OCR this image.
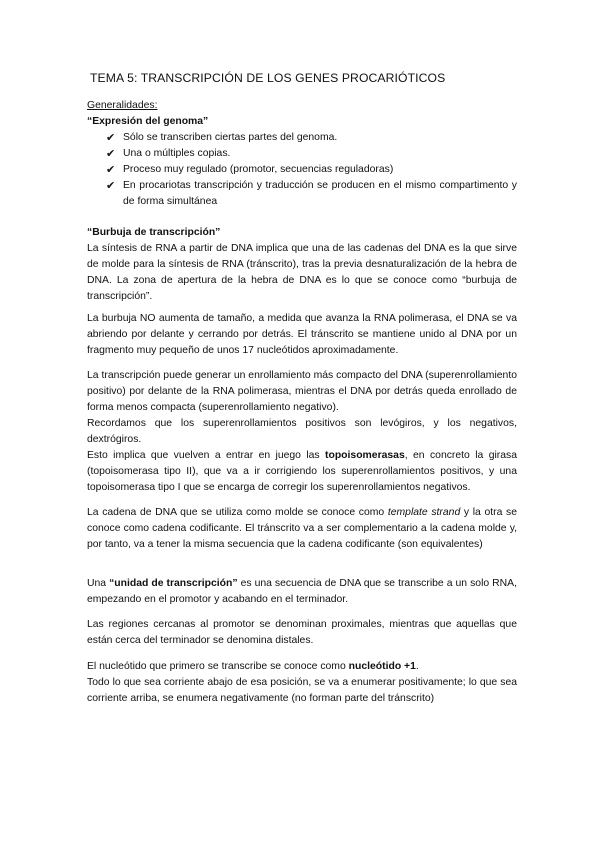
TEMA 5: TRANSCRIPCIÓN DE LOS GENES PROCARIÓTICOS
Generalidades:
“Expresión del genoma”
✔ Sólo se transcriben ciertas partes del genoma.
✔ Una o múltiples copias.
✔ Proceso muy regulado (promotor, secuencias reguladoras)
✔ En procariotas transcripción y traducción se producen en el mismo compartimento y de forma simultánea
“Burbuja de transcripción”

La síntesis de RNA a partir de DNA implica que una de las cadenas del DNA es la que sirve de molde para la síntesis de RNA (tránscrito), tras la previa desnaturalización de la hebra de DNA. La zona de apertura de la hebra de DNA es lo que se conoce como “burbuja de transcripción”.

La burbuja NO aumenta de tamaño, a medida que avanza la RNA polimerasa, el DNA se va abriendo por delante y cerrando por detrás. El tránscrito se mantiene unido al DNA por un fragmento muy pequeño de unos 17 nucleótidos aproximadamente.

La transcripción puede generar un enrollamiento más compacto del DNA (superenrollamiento positivo) por delante de la RNA polimerasa, mientras el DNA por detrás queda enrollado de forma menos compacta (superenrollamiento negativo).

Recordamos que los superenrollamientos positivos son levógiros, y los negativos, dextrógiros.

Esto implica que vuelven a entrar en juego las topoisomerasas, en concreto la girasa (topoisomerasa tipo II), que va a ir corrigiendo los superenrollamientos positivos, y una topoisomerasa tipo I que se encarga de corregir los superenrollamientos negativos.

La cadena de DNA que se utiliza como molde se conoce como template strand y la otra se conoce como cadena codificante. El tránscrito va a ser complementario a la cadena molde y, por tanto, va a tener la misma secuencia que la cadena codificante (son equivalentes)

Una “unidad de transcripción” es una secuencia de DNA que se transcribe a un solo RNA, empezando en el promotor y acabando en el terminador.

Las regiones cercanas al promotor se denominan proximales, mientras que aquellas que están cerca del terminador se denomina distales.

El nucleótido que primero se transcribe se conoce como nucleótido +1.

Todo lo que sea corriente abajo de esa posición, se va a enumerar positivamente; lo que sea corriente arriba, se enumera negativamente (no forman parte del tránscrito)
